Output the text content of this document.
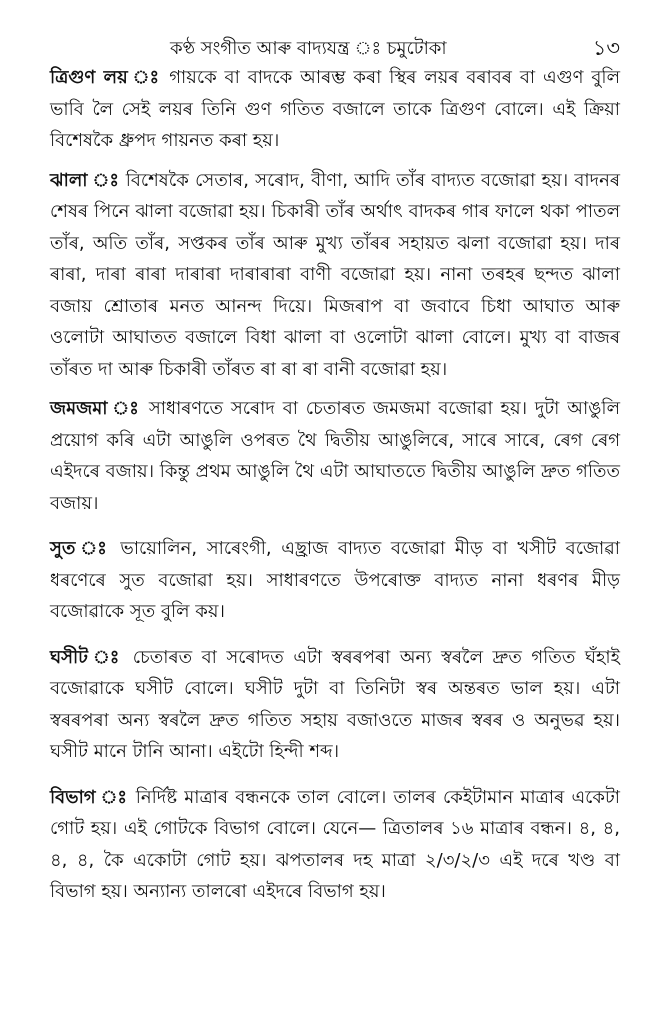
কণ্ঠ সংগীত আৰু বাদ্যযন্ত্ৰ ঃ চমুটোকা	১৩

ত্ৰিগুণ লয় ঃ গায়কে বা বাদকে আৰম্ভ কৰা স্থিৰ লয়ৰ বৰাবৰ বা এগুণ বুলি ভাবি লৈ সেই লয়ৰ তিনি গুণ গতিত বজালে তাকে ত্ৰিগুণ বোলে। এই ক্ৰিয়া বিশেষকৈ ধ্ৰুপদ গায়নত কৰা হয়।

ঝালা ঃ বিশেষকৈ সেতাৰ, সৰোদ, বীণা, আদি তাঁৰ বাদ্যত বজোৱা হয়। বাদনৰ শেষৰ পিনে ঝালা বজোৱা হয়। চিকাৰী তাঁৰ অৰ্থাৎ বাদকৰ গাৰ ফালে থকা পাতল তাঁৰ, অতি তাঁৰ, সপ্তকৰ তাঁৰ আৰু মুখ্য তাঁৰৰ সহায়ত ঝলা বজোৱা হয়। দাৰ ৰাৰা, দাৰা ৰাৰা দাৰাৰা দাৰাৰাৰা বাণী বজোৱা হয়। নানা তৰহৰ ছন্দত ঝালা বজায় শ্ৰোতাৰ মনত আনন্দ দিয়ে। মিজৰাপ বা জবাবে চিধা আঘাত আৰু ওলোটা আঘাতত বজালে বিধা ঝালা বা ওলোটা ঝালা বোলে। মুখ্য বা বাজৰ তাঁৰত দা আৰু চিকাৰী তাঁৰত ৰা ৰা ৰা বানী বজোৱা হয়।

জমজমা ঃ সাধাৰণতে সৰোদ বা চেতাৰত জমজমা বজোৱা হয়। দুটা আঙুলি প্ৰয়োগ কৰি এটা আঙুলি ওপৰত থৈ দ্বিতীয় আঙুলিৰে, সাৰে সাৰে, ৰেগ ৰেগ এইদৰে বজায়। কিন্তু প্ৰথম আঙুলি থৈ এটা আঘাততে দ্বিতীয় আঙুলি দ্ৰুত গতিত বজায়।

সুত ঃ ভায়োলিন, সাৰেংগী, এছ্ৰাজ বাদ্যত বজোৱা মীড় বা খসীট বজোৱা ধৰণেৰে সুত বজোৱা হয়। সাধাৰণতে উপৰোক্ত বাদ্যত নানা ধৰণৰ মীড় বজোৱাকে সূত বুলি কয়।

ঘসীট ঃ চেতাৰত বা সৰোদত এটা স্বৰৰপৰা অন্য স্বৰলৈ দ্ৰুত গতিত ঘঁহাই বজোৱাকে ঘসীট বোলে। ঘসীট দুটা বা তিনিটা স্বৰ অন্তৰত ভাল হয়। এটা স্বৰৰপৰা অন্য স্বৰলৈ দ্ৰুত গতিত সহায় বজাওতে মাজৰ স্বৰৰ ও অনুভৱ হয়। ঘসীট মানে টানি আনা। এইটো হিন্দী শব্দ।

বিভাগ ঃ নিৰ্দিষ্ট মাত্ৰাৰ বন্ধনকে তাল বোলে। তালৰ কেইটামান মাত্ৰাৰ একেটা গোট হয়। এই গোটকে বিভাগ বোলে। যেনে— ত্ৰিতালৰ ১৬ মাত্ৰাৰ বন্ধন। ৪, ৪, ৪, ৪, কৈ একোটা গোট হয়। ঝপতালৰ দহ মাত্ৰা ২/৩/২/৩ এই দৰে খণ্ড বা বিভাগ হয়। অন্যান্য তালৰো এইদৰে বিভাগ হয়।
